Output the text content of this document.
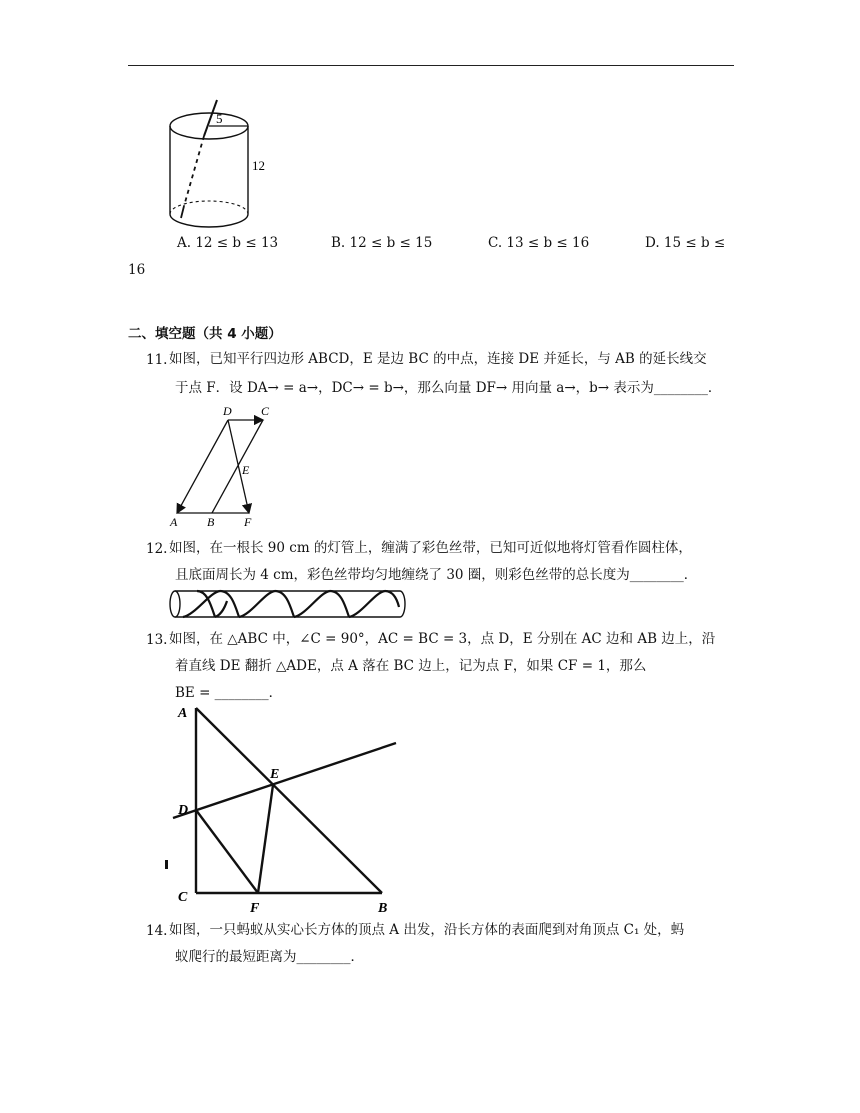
5
12
A. 12 ≤ b ≤ 13	B. 12 ≤ b ≤ 15	C. 13 ≤ b ≤ 16	D. 15 ≤ b ≤
16
二、填空题（共 4 小题）
11. 如图，已知平行四边形 ABCD，E 是边 BC 的中点，连接 DE 并延长，与 AB 的延长线交
于点 F．设 DA→ = a→，DC→ = b→，那么向量 DF→ 用向量 a→，b→ 表示为________．
D C
E
A B F
12. 如图，在一根长 90 cm 的灯管上，缠满了彩色丝带，已知可近似地将灯管看作圆柱体，
且底面周长为 4 cm，彩色丝带均匀地缠绕了 30 圈，则彩色丝带的总长度为________．
13. 如图，在 △ABC 中，∠C = 90°，AC = BC = 3，点 D，E 分别在 AC 边和 AB 边上，沿
着直线 DE 翻折 △ADE，点 A 落在 BC 边上，记为点 F，如果 CF = 1，那么
BE = ________．
A
E
D
C
F	B
14. 如图，一只蚂蚁从实心长方体的顶点 A 出发，沿长方体的表面爬到对角顶点 C₁ 处，蚂
蚁爬行的最短距离为________．
